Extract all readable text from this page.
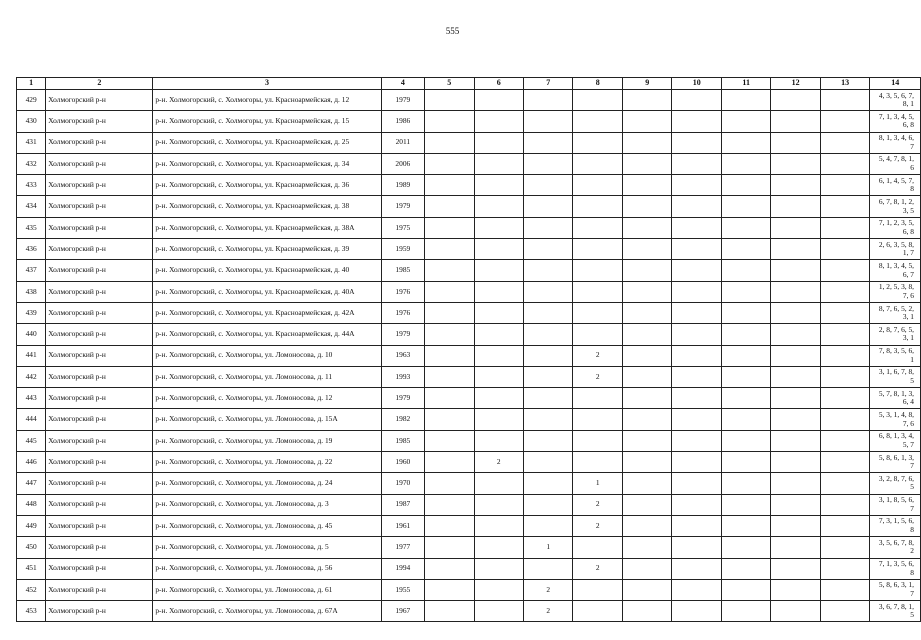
555
1	2	3	4	5	6	7	8	9	10	11	12	13	14
429	Холмогорский р-н	р-н. Холмогорский, с. Холмогоры, ул. Красноармейская, д. 12	1979										4, 3, 5, 6, 7,
8, 1
430	Холмогорский р-н	р-н. Холмогорский, с. Холмогоры, ул. Красноармейская, д. 15	1986										7, 1, 3, 4, 5,
6, 8
431	Холмогорский р-н	р-н. Холмогорский, с. Холмогоры, ул. Красноармейская, д. 25	2011										8, 1, 3, 4, 6,
7
432	Холмогорский р-н	р-н. Холмогорский, с. Холмогоры, ул. Красноармейская, д. 34	2006										5, 4, 7, 8, 1,
6
433	Холмогорский р-н	р-н. Холмогорский, с. Холмогоры, ул. Красноармейская, д. 36	1989										6, 1, 4, 5, 7,
8
434	Холмогорский р-н	р-н. Холмогорский, с. Холмогоры, ул. Красноармейская, д. 38	1979										6, 7, 8, 1, 2,
3, 5
435	Холмогорский р-н	р-н. Холмогорский, с. Холмогоры, ул. Красноармейская, д. 38А	1975										7, 1, 2, 3, 5,
6, 8
436	Холмогорский р-н	р-н. Холмогорский, с. Холмогоры, ул. Красноармейская, д. 39	1959										2, 6, 3, 5, 8,
1, 7
437	Холмогорский р-н	р-н. Холмогорский, с. Холмогоры, ул. Красноармейская, д. 40	1985										8, 1, 3, 4, 5,
6, 7
438	Холмогорский р-н	р-н. Холмогорский, с. Холмогоры, ул. Красноармейская, д. 40А	1976										1, 2, 5, 3, 8,
7, 6
439	Холмогорский р-н	р-н. Холмогорский, с. Холмогоры, ул. Красноармейская, д. 42А	1976										8, 7, 6, 5, 2,
3, 1
440	Холмогорский р-н	р-н. Холмогорский, с. Холмогоры, ул. Красноармейская, д. 44А	1979										2, 8, 7, 6, 5,
3, 1
441	Холмогорский р-н	р-н. Холмогорский, с. Холмогоры, ул. Ломоносова, д. 10	1963				2						7, 8, 3, 5, 6,
1
442	Холмогорский р-н	р-н. Холмогорский, с. Холмогоры, ул. Ломоносова, д. 11	1993				2						3, 1, 6, 7, 8,
5
443	Холмогорский р-н	р-н. Холмогорский, с. Холмогоры, ул. Ломоносова, д. 12	1979										5, 7, 8, 1, 3,
6, 4
444	Холмогорский р-н	р-н. Холмогорский, с. Холмогоры, ул. Ломоносова, д. 15А	1982										5, 3, 1, 4, 8,
7, 6
445	Холмогорский р-н	р-н. Холмогорский, с. Холмогоры, ул. Ломоносова, д. 19	1985										6, 8, 1, 3, 4,
5, 7
446	Холмогорский р-н	р-н. Холмогорский, с. Холмогоры, ул. Ломоносова, д. 22	1960		2								5, 8, 6, 1, 3,
7
447	Холмогорский р-н	р-н. Холмогорский, с. Холмогоры, ул. Ломоносова, д. 24	1970				1						3, 2, 8, 7, 6,
5
448	Холмогорский р-н	р-н. Холмогорский, с. Холмогоры, ул. Ломоносова, д. 3	1987				2						3, 1, 8, 5, 6,
7
449	Холмогорский р-н	р-н. Холмогорский, с. Холмогоры, ул. Ломоносова, д. 45	1961				2						7, 3, 1, 5, 6,
8
450	Холмогорский р-н	р-н. Холмогорский, с. Холмогоры, ул. Ломоносова, д. 5	1977			1							3, 5, 6, 7, 8,
2
451	Холмогорский р-н	р-н. Холмогорский, с. Холмогоры, ул. Ломоносова, д. 56	1994				2						7, 1, 3, 5, 6,
8
452	Холмогорский р-н	р-н. Холмогорский, с. Холмогоры, ул. Ломоносова, д. 61	1955			2							5, 8, 6, 3, 1,
7
453	Холмогорский р-н	р-н. Холмогорский, с. Холмогоры, ул. Ломоносова, д. 67А	1967			2							3, 6, 7, 8, 1,
5
